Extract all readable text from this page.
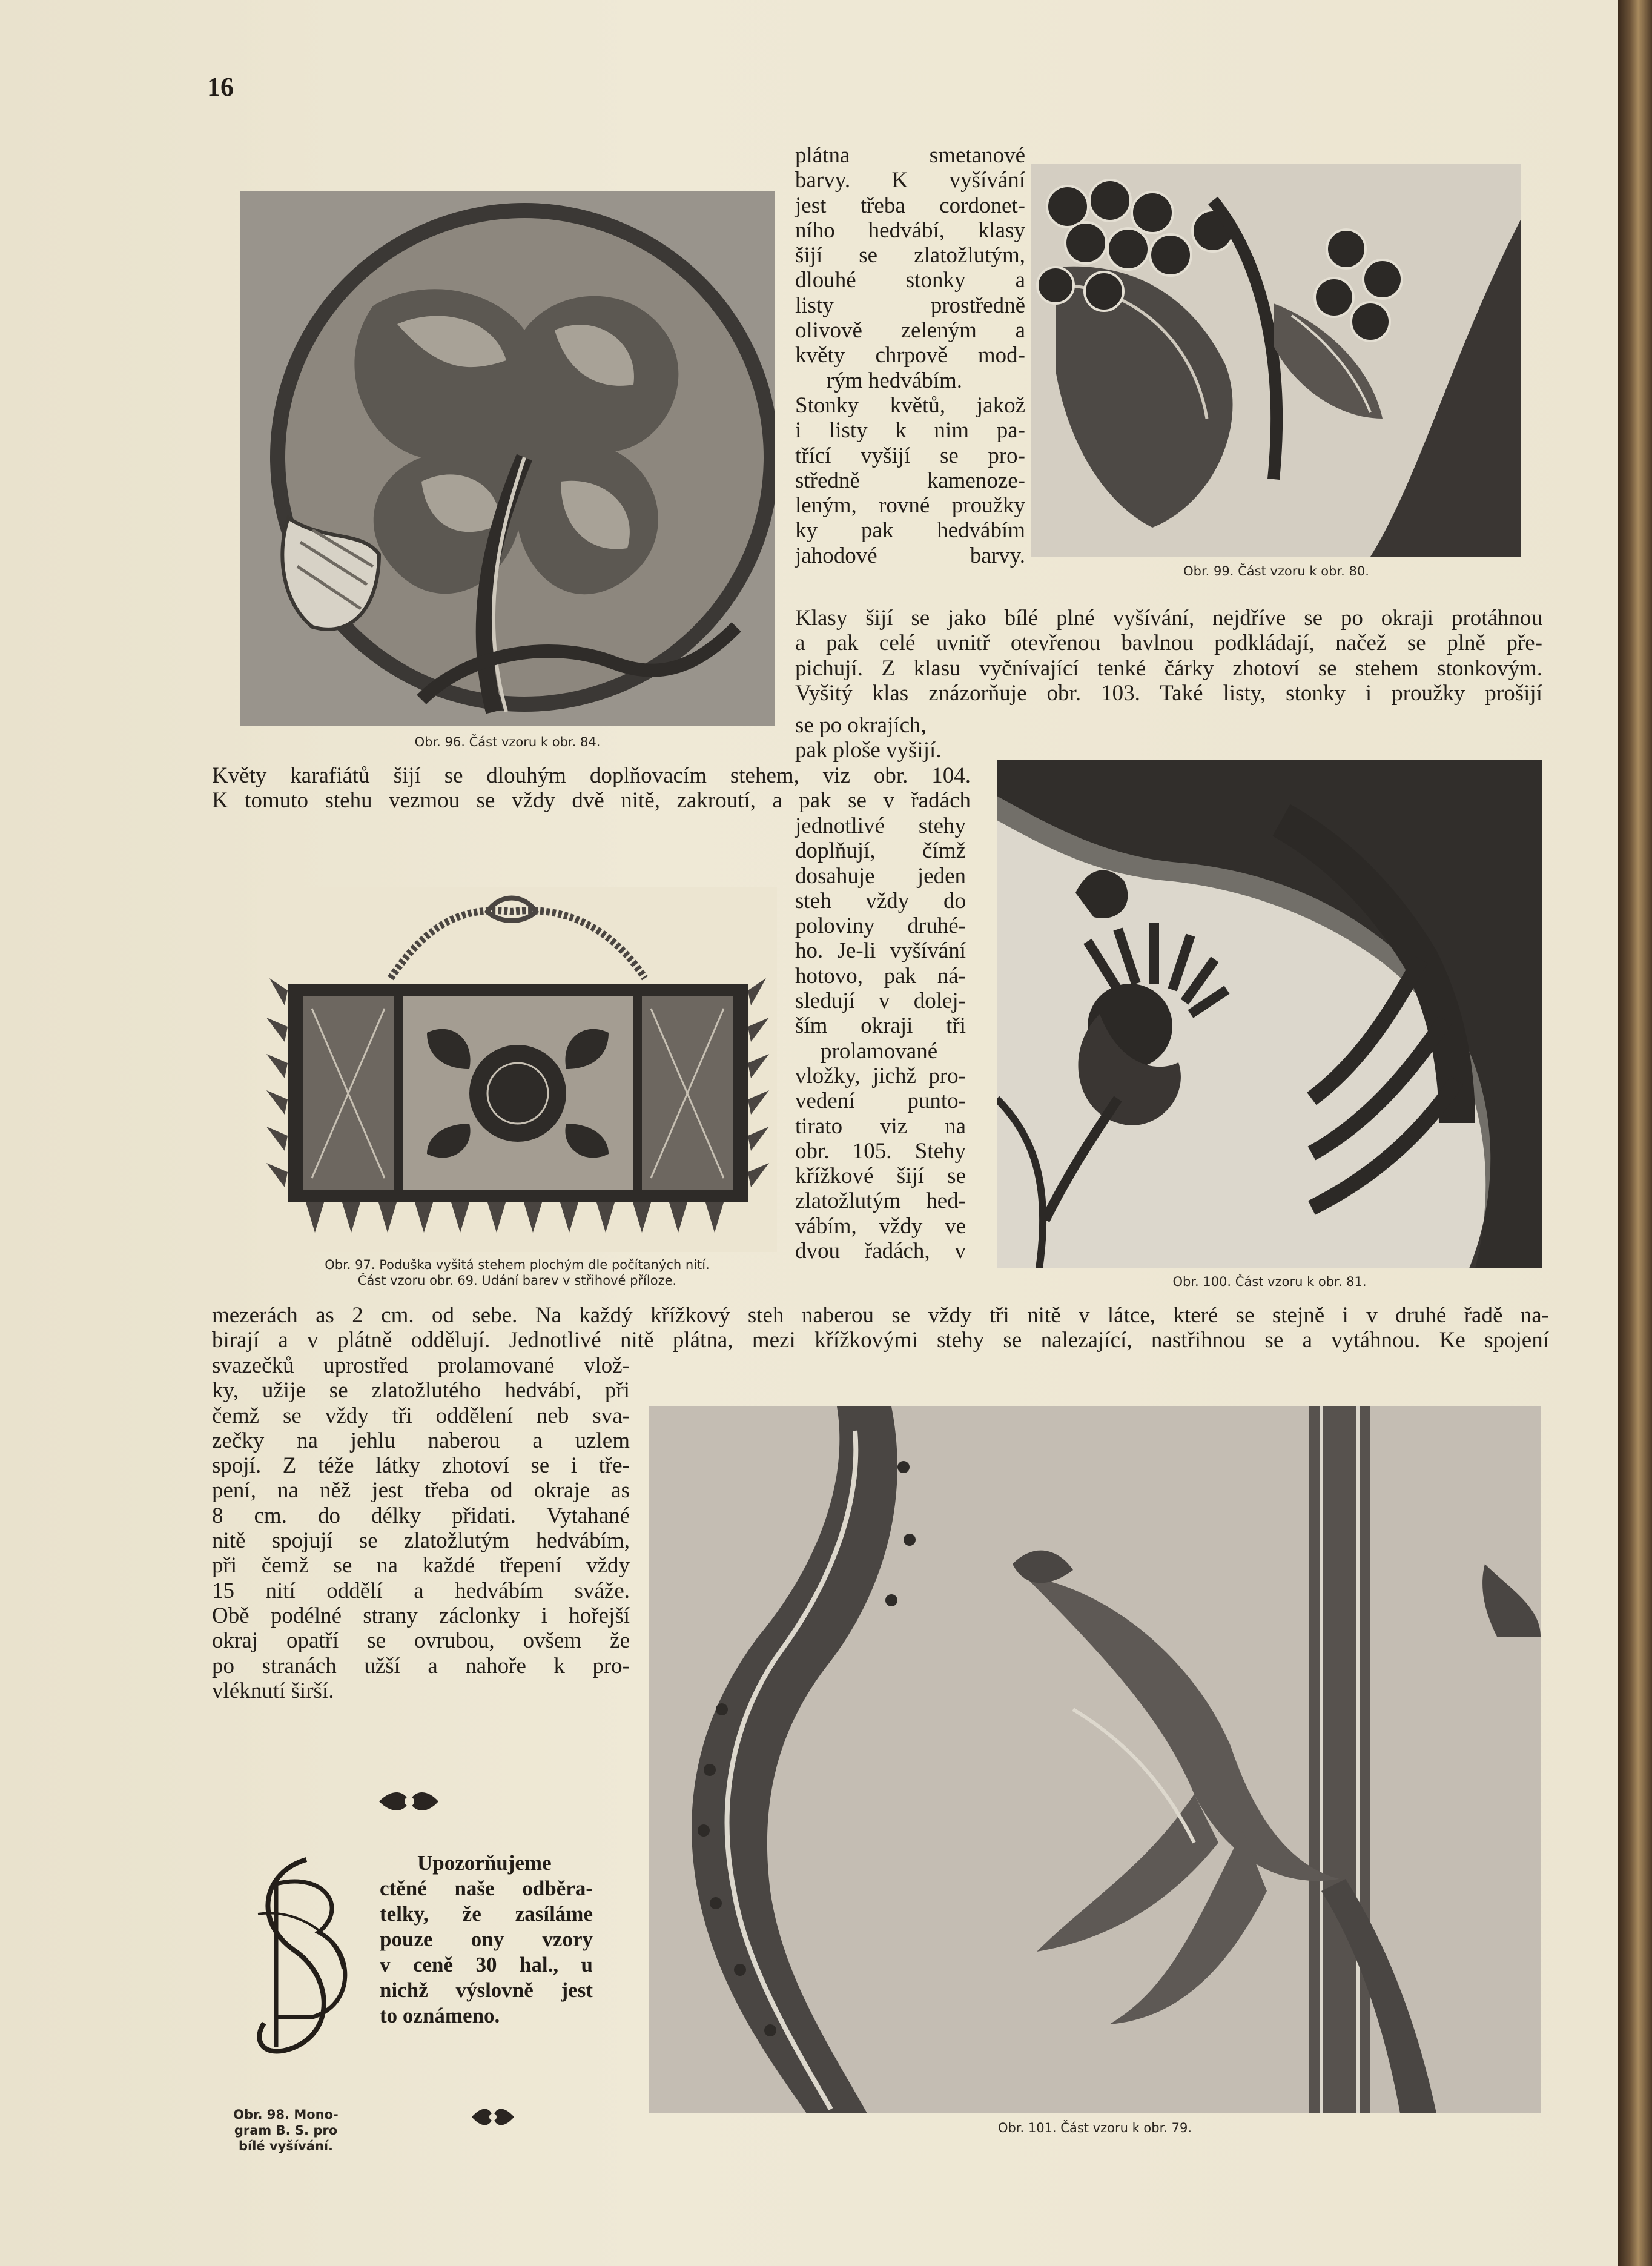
16
Obr. 96. Část vzoru k obr. 84.
Obr. 99. Část vzoru k obr. 80.
plátna smetanové
barvy. K vyšívání
jest třeba cordonet-
ního hedvábí, klasy
šijí se zlatožlutým,
dlouhé stonky a
listy prostředně
olivově zeleným a
květy chrpově mod-
rým hedvábím.
Stonky květů, jakož
i listy k nim pa-
třící vyšijí se pro-
středně kamenoze-
leným, rovné proužky
ky pak hedvábím
jahodové barvy.
Klasy šijí se jako bílé plné vyšívání, nejdříve se po okraji protáhnou
a pak celé uvnitř otevřenou bavlnou podkládají, načež se plně pře-
pichují. Z klasu vyčnívající tenké čárky zhotoví se stehem stonkovým.
Vyšitý klas znázorňuje obr. 103. Také listy, stonky i proužky prošijí
se po okrajích,
pak ploše vyšijí.
Květy karafiátů šijí se dlouhým doplňovacím stehem, viz obr. 104.
K tomuto stehu vezmou se vždy dvě nitě, zakroutí, a pak se v řadách
jednotlivé stehy
doplňují, čímž
dosahuje jeden
steh vždy do
poloviny druhé-
ho. Je-li vyšívání
hotovo, pak ná-
sledují v dolej-
ším okraji tři
prolamované
vložky, jichž pro-
vedení punto-
tirato viz na
obr. 105. Stehy
křížkové šijí se
zlatožlutým hed-
vábím, vždy ve
dvou řadách, v
Obr. 97. Poduška vyšitá stehem plochým dle počítaných nití.
Část vzoru obr. 69. Udání barev v střihové příloze.	Obr. 100. Část vzoru k obr. 81.
mezerách as 2 cm. od sebe. Na každý křížkový steh naberou se vždy tři nitě v látce, které se stejně i v druhé řadě na-
birají a v plátně oddělují. Jednotlivé nitě plátna, mezi křížkovými stehy se nalezající, nastřihnou se a vytáhnou. Ke spojení
svazečků uprostřed prolamované vlož-
ky, užije se zlatožlutého hedvábí, při
čemž se vždy tři oddělení neb sva-
zečky na jehlu naberou a uzlem
spojí. Z téže látky zhotoví se i tře-
pení, na něž jest třeba od okraje as
8 cm. do délky přidati. Vytahané
nitě spojují se zlatožlutým hedvábím,
při čemž se na každé třepení vždy
15 nití oddělí a hedvábím sváže.
Obě podélné strany záclonky i hořejší
okraj opatří se ovrubou, ovšem že
po stranách užší a nahoře k pro-
vléknutí širší.
Obr. 101. Část vzoru k obr. 79.
Obr. 98. Mono-
gram B. S. pro
bílé vyšívání.
Upozorňujeme
ctěné naše odběra-
telky, že zasíláme
pouze ony vzory
v ceně 30 hal., u
nichž výslovně jest
to oznámeno.
